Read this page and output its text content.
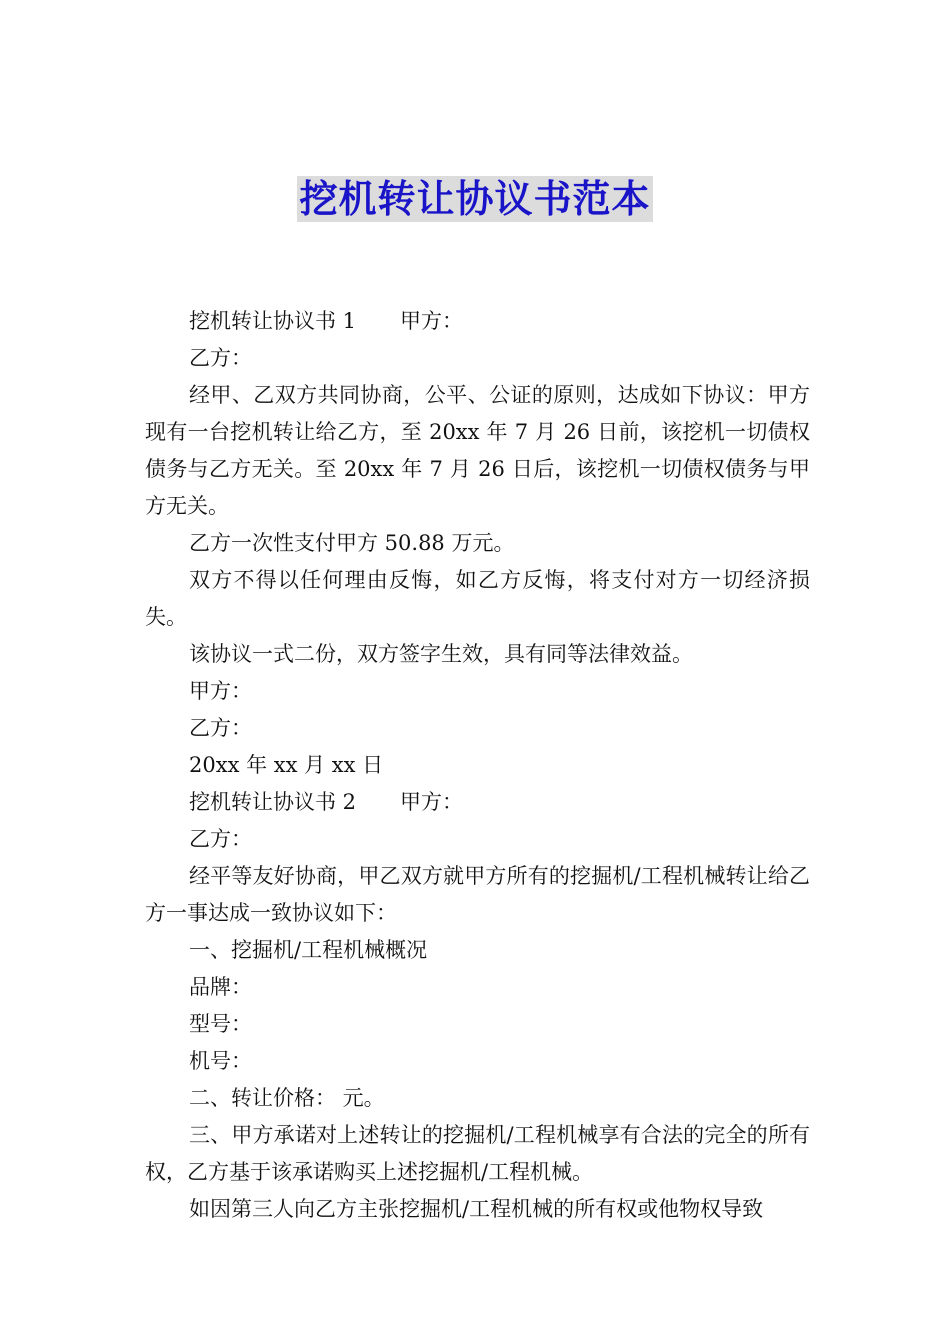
挖机转让协议书范本

挖机转让协议书 1 甲方：

乙方：

经甲、乙双方共同协商，公平、公证的原则，达成如下协议：甲方现有一台挖机转让给乙方，至 20xx 年 7 月 26 日前，该挖机一切债权债务与乙方无关。至 20xx 年 7 月 26 日后，该挖机一切债权债务与甲方无关。

乙方一次性支付甲方 50.88 万元。

双方不得以任何理由反悔，如乙方反悔，将支付对方一切经济损失。

该协议一式二份，双方签字生效，具有同等法律效益。

甲方：

乙方：

20xx 年 xx 月 xx 日

挖机转让协议书 2 甲方：

乙方：

经平等友好协商，甲乙双方就甲方所有的挖掘机/工程机械转让给乙方一事达成一致协议如下：

一、挖掘机/工程机械概况

品牌：

型号：

机号：

二、转让价格： 元。

三、甲方承诺对上述转让的挖掘机/工程机械享有合法的完全的所有权，乙方基于该承诺购买上述挖掘机/工程机械。

如因第三人向乙方主张挖掘机/工程机械的所有权或他物权导致
